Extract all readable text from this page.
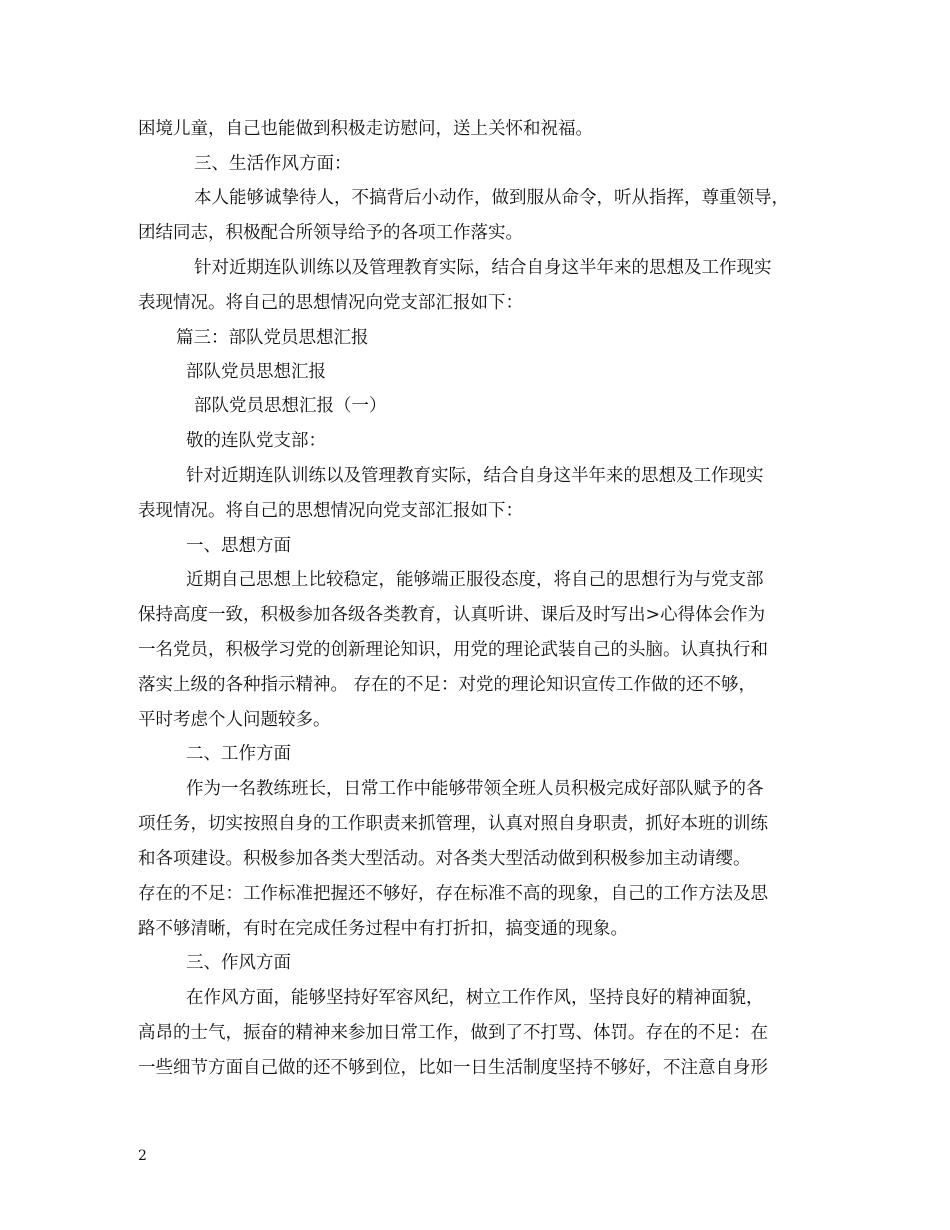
困境儿童，自己也能做到积极走访慰问，送上关怀和祝福。
三、生活作风方面：
本人能够诚挚待人，不搞背后小动作，做到服从命令，听从指挥，尊重领导，
团结同志，积极配合所领导给予的各项工作落实。
针对近期连队训练以及管理教育实际，结合自身这半年来的思想及工作现实
表现情况。将自己的思想情况向党支部汇报如下：
篇三：部队党员思想汇报
部队党员思想汇报
部队党员思想汇报（一）
敬的连队党支部：
针对近期连队训练以及管理教育实际，结合自身这半年来的思想及工作现实
表现情况。将自己的思想情况向党支部汇报如下：
一、思想方面
近期自己思想上比较稳定，能够端正服役态度，将自己的思想行为与党支部
保持高度一致，积极参加各级各类教育，认真听讲、课后及时写出>心得体会作为
一名党员，积极学习党的创新理论知识，用党的理论武装自己的头脑。认真执行和
落实上级的各种指示精神。 存在的不足：对党的理论知识宣传工作做的还不够，
平时考虑个人问题较多。
二、工作方面
作为一名教练班长，日常工作中能够带领全班人员积极完成好部队赋予的各
项任务，切实按照自身的工作职责来抓管理，认真对照自身职责，抓好本班的训练
和各项建设。积极参加各类大型活动。对各类大型活动做到积极参加主动请缨。
存在的不足：工作标准把握还不够好，存在标准不高的现象，自己的工作方法及思
路不够清晰，有时在完成任务过程中有打折扣，搞变通的现象。
三、作风方面
在作风方面，能够坚持好军容风纪，树立工作作风，坚持良好的精神面貌，
高昂的士气，振奋的精神来参加日常工作，做到了不打骂、体罚。存在的不足：在
一些细节方面自己做的还不够到位，比如一日生活制度坚持不够好，不注意自身形
2
